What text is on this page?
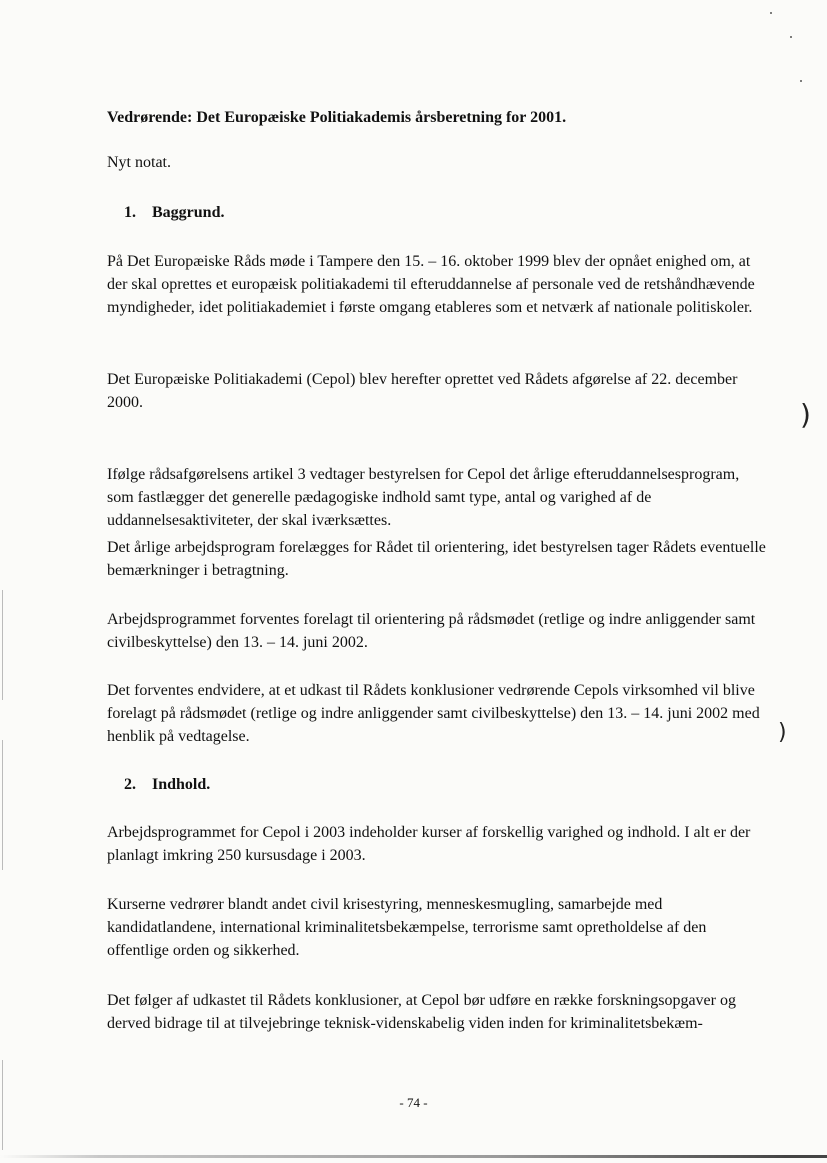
Vedrørende: Det Europæiske Politiakademis årsberetning for 2001.

Nyt notat.

1. Baggrund.

På Det Europæiske Råds møde i Tampere den 15. – 16. oktober 1999 blev der opnået enighed om, at der skal oprettes et europæisk politiakademi til efteruddannelse af personale ved de retshåndhævende myndigheder, idet politiakademiet i første omgang etableres som et netværk af nationale politiskoler.

Det Europæiske Politiakademi (Cepol) blev herefter oprettet ved Rådets afgørelse af 22. december 2000.

Ifølge rådsafgørelsens artikel 3 vedtager bestyrelsen for Cepol det årlige efteruddannelsesprogram, som fastlægger det generelle pædagogiske indhold samt type, antal og varighed af de uddannelsesaktiviteter, der skal iværksættes.

Det årlige arbejdsprogram forelægges for Rådet til orientering, idet bestyrelsen tager Rådets eventuelle bemærkninger i betragtning.

Arbejdsprogrammet forventes forelagt til orientering på rådsmødet (retlige og indre anliggender samt civilbeskyttelse) den 13. – 14. juni 2002.

Det forventes endvidere, at et udkast til Rådets konklusioner vedrørende Cepols virksomhed vil blive forelagt på rådsmødet (retlige og indre anliggender samt civilbeskyttelse) den 13. – 14. juni 2002 med henblik på vedtagelse.

2. Indhold.

Arbejdsprogrammet for Cepol i 2003 indeholder kurser af forskellig varighed og indhold. I alt er der planlagt imkring 250 kursusdage i 2003.

Kurserne vedrører blandt andet civil krisestyring, menneskesmugling, samarbejde med kandidatlandene, international kriminalitetsbekæmpelse, terrorisme samt opretholdelse af den offentlige orden og sikkerhed.

Det følger af udkastet til Rådets konklusioner, at Cepol bør udføre en række forskningsopgaver og derved bidrage til at tilvejebringe teknisk-videnskabelig viden inden for kriminalitetsbekæm-

- 74 -
)
)
